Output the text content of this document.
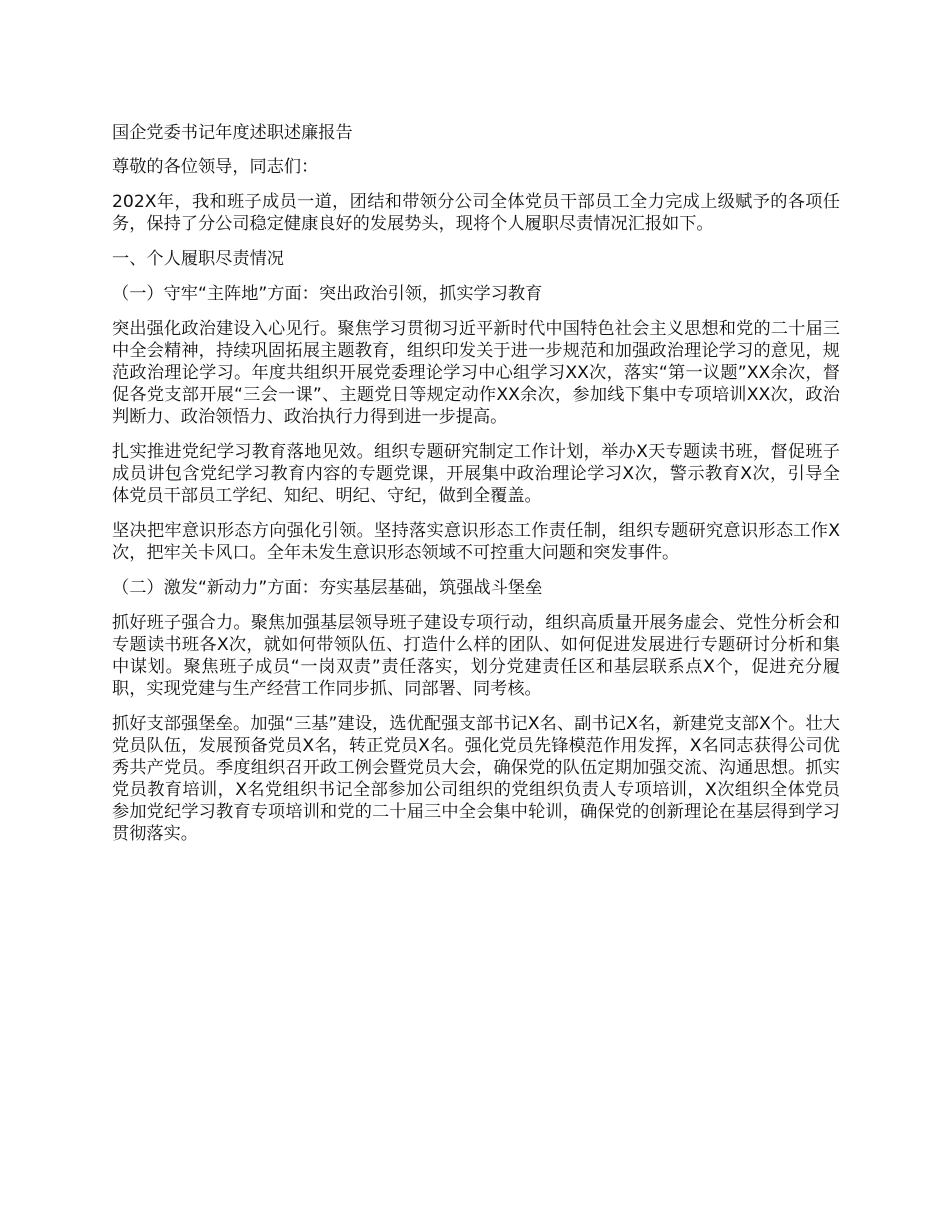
国企党委书记年度述职述廉报告

尊敬的各位领导，同志们：

202X年，我和班子成员一道，团结和带领分公司全体党员干部员工全力完成上级赋予的各项任务，保持了分公司稳定健康良好的发展势头，现将个人履职尽责情况汇报如下。

一、个人履职尽责情况

（一）守牢“主阵地”方面：突出政治引领，抓实学习教育

突出强化政治建设入心见行。聚焦学习贯彻习近平新时代中国特色社会主义思想和党的二十届三中全会精神，持续巩固拓展主题教育，组织印发关于进一步规范和加强政治理论学习的意见，规范政治理论学习。年度共组织开展党委理论学习中心组学习XX次，落实“第一议题”XX余次，督促各党支部开展“三会一课”、主题党日等规定动作XX余次，参加线下集中专项培训XX次，政治判断力、政治领悟力、政治执行力得到进一步提高。

扎实推进党纪学习教育落地见效。组织专题研究制定工作计划，举办X天专题读书班，督促班子成员讲包含党纪学习教育内容的专题党课，开展集中政治理论学习X次，警示教育X次，引导全体党员干部员工学纪、知纪、明纪、守纪，做到全覆盖。

坚决把牢意识形态方向强化引领。坚持落实意识形态工作责任制，组织专题研究意识形态工作X次，把牢关卡风口。全年未发生意识形态领域不可控重大问题和突发事件。

（二）激发“新动力”方面：夯实基层基础，筑强战斗堡垒

抓好班子强合力。聚焦加强基层领导班子建设专项行动，组织高质量开展务虚会、党性分析会和专题读书班各X次，就如何带领队伍、打造什么样的团队、如何促进发展进行专题研讨分析和集中谋划。聚焦班子成员“一岗双责”责任落实，划分党建责任区和基层联系点X个，促进充分履职，实现党建与生产经营工作同步抓、同部署、同考核。

抓好支部强堡垒。加强“三基”建设，选优配强支部书记X名、副书记X名，新建党支部X个。壮大党员队伍，发展预备党员X名，转正党员X名。强化党员先锋模范作用发挥，X名同志获得公司优秀共产党员。季度组织召开政工例会暨党员大会，确保党的队伍定期加强交流、沟通思想。抓实党员教育培训，X名党组织书记全部参加公司组织的党组织负责人专项培训，X次组织全体党员参加党纪学习教育专项培训和党的二十届三中全会集中轮训，确保党的创新理论在基层得到学习贯彻落实。
